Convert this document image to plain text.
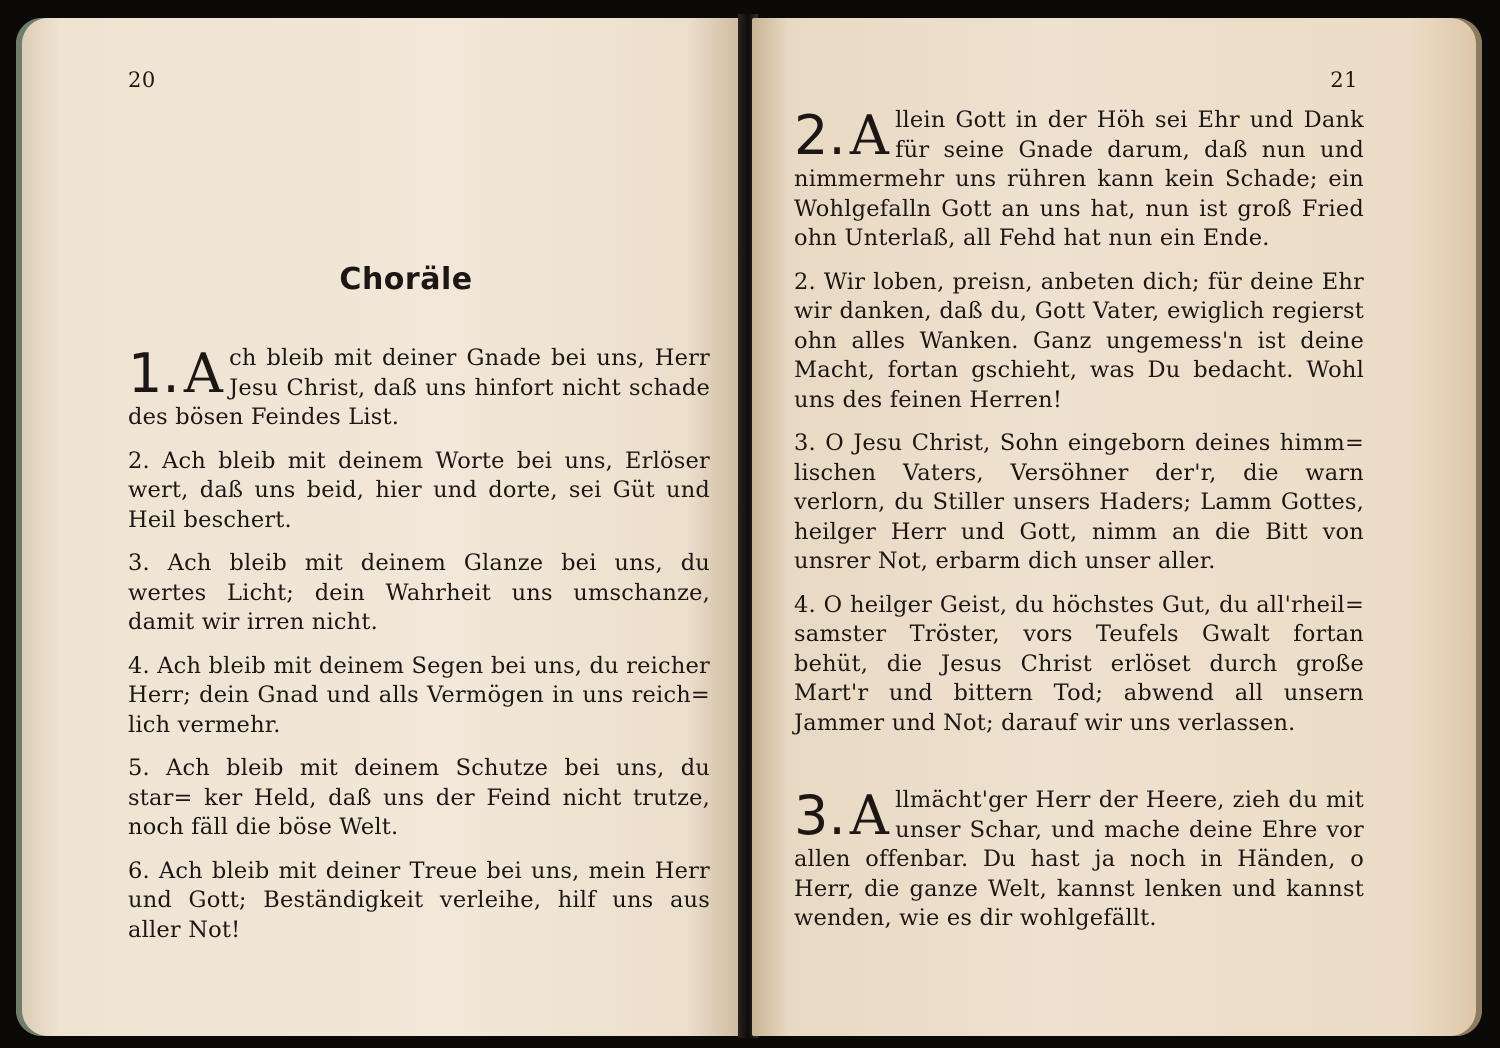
20
Choräle
1. A ch bleib mit deiner Gnade bei uns, Herr Jesu Christ, daß uns hinfort nicht schade des bösen Feindes List.

2. Ach bleib mit deinem Worte bei uns, Erlöser wert, daß uns beid, hier und dorte, sei Güt und Heil beschert.

3. Ach bleib mit deinem Glanze bei uns, du wertes Licht; dein Wahrheit uns umschanze, damit wir irren nicht.

4. Ach bleib mit deinem Segen bei uns, du reicher Herr; dein Gnad und alls Vermögen in uns reich= lich vermehr.

5. Ach bleib mit deinem Schutze bei uns, du star= ker Held, daß uns der Feind nicht trutze, noch fäll die böse Welt.

6. Ach bleib mit deiner Treue bei uns, mein Herr und Gott; Beständigkeit verleihe, hilf uns aus aller Not!

21
2. A llein Gott in der Höh sei Ehr und Dank für seine Gnade darum, daß nun und nimmermehr uns rühren kann kein Schade; ein Wohlgefalln Gott an uns hat, nun ist groß Fried ohn Unterlaß, all Fehd hat nun ein Ende.

2. Wir loben, preisn, anbeten dich; für deine Ehr wir danken, daß du, Gott Vater, ewiglich regierst ohn alles Wanken. Ganz ungemess'n ist deine Macht, fortan gschieht, was Du bedacht. Wohl uns des feinen Herren!

3. O Jesu Christ, Sohn eingeborn deines himm= lischen Vaters, Versöhner der'r, die warn verlorn, du Stiller unsers Haders; Lamm Gottes, heilger Herr und Gott, nimm an die Bitt von unsrer Not, erbarm dich unser aller.

4. O heilger Geist, du höchstes Gut, du all'rheil= samster Tröster, vors Teufels Gwalt fortan behüt, die Jesus Christ erlöset durch große Mart'r und bittern Tod; abwend all unsern Jammer und Not; darauf wir uns verlassen.

3. A llmächt'ger Herr der Heere, zieh du mit unser Schar, und mache deine Ehre vor allen offenbar. Du hast ja noch in Händen, o Herr, die ganze Welt, kannst lenken und kannst wenden, wie es dir wohlgefällt.
